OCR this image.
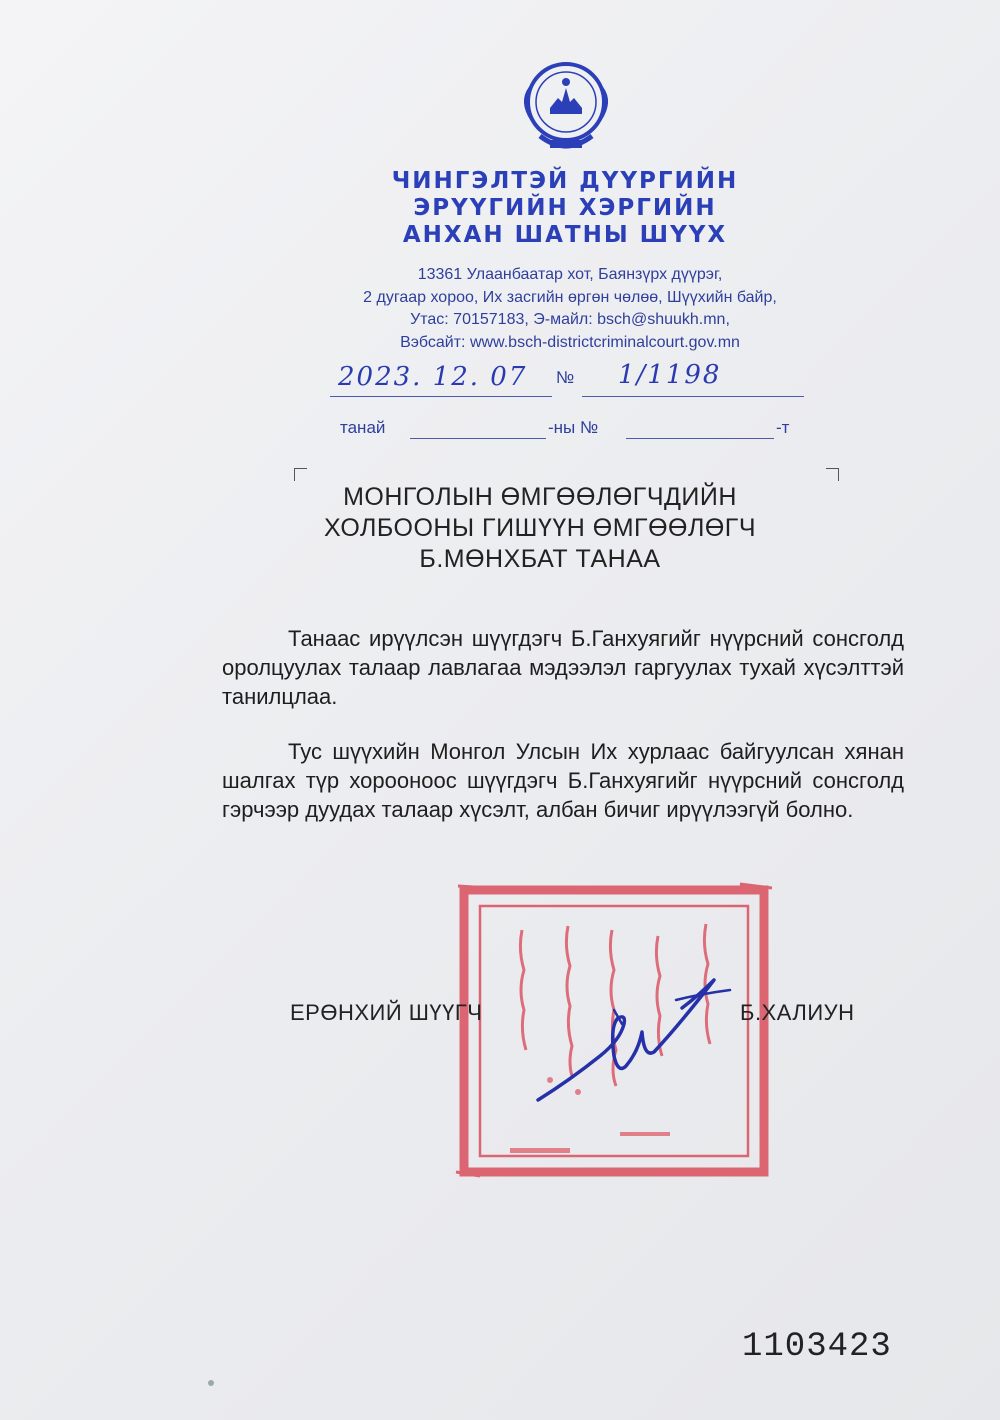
ЧИНГЭЛТЭЙ ДҮҮРГИЙН
ЭРҮҮГИЙН ХЭРГИЙН
АНХАН ШАТНЫ ШҮҮХ
13361 Улаанбаатар хот, Баянзүрх дүүрэг,
2 дугаар хороо, Их засгийн өргөн чөлөө, Шүүхийн байр,
Утас: 70157183, Э-майл: bsch@shuukh.mn,
Вэбсайт: www.bsch-districtcriminalcourt.gov.mn
2023. 12. 07 № 1/1198
танай	-ны №	-т
МОНГОЛЫН ӨМГӨӨЛӨГЧДИЙН
ХОЛБООНЫ ГИШҮҮН ӨМГӨӨЛӨГЧ
Б.МӨНХБАТ ТАНАА
Танаас ирүүлсэн шүүгдэгч Б.Ганхуягийг нүүрсний сонсголд оролцуулах талаар лавлагаа мэдээлэл гаргуулах тухай хүсэлттэй танилцлаа.
Тус шүүхийн Монгол Улсын Их хурлаас байгуулсан хянан шалгах түр хорооноос шүүгдэгч Б.Ганхуягийг нүүрсний сонсголд гэрчээр дуудах талаар хүсэлт, албан бичиг ирүүлээгүй болно.
ЕРӨНХИЙ ШҮҮГЧ	Б.ХАЛИУН
1103423
